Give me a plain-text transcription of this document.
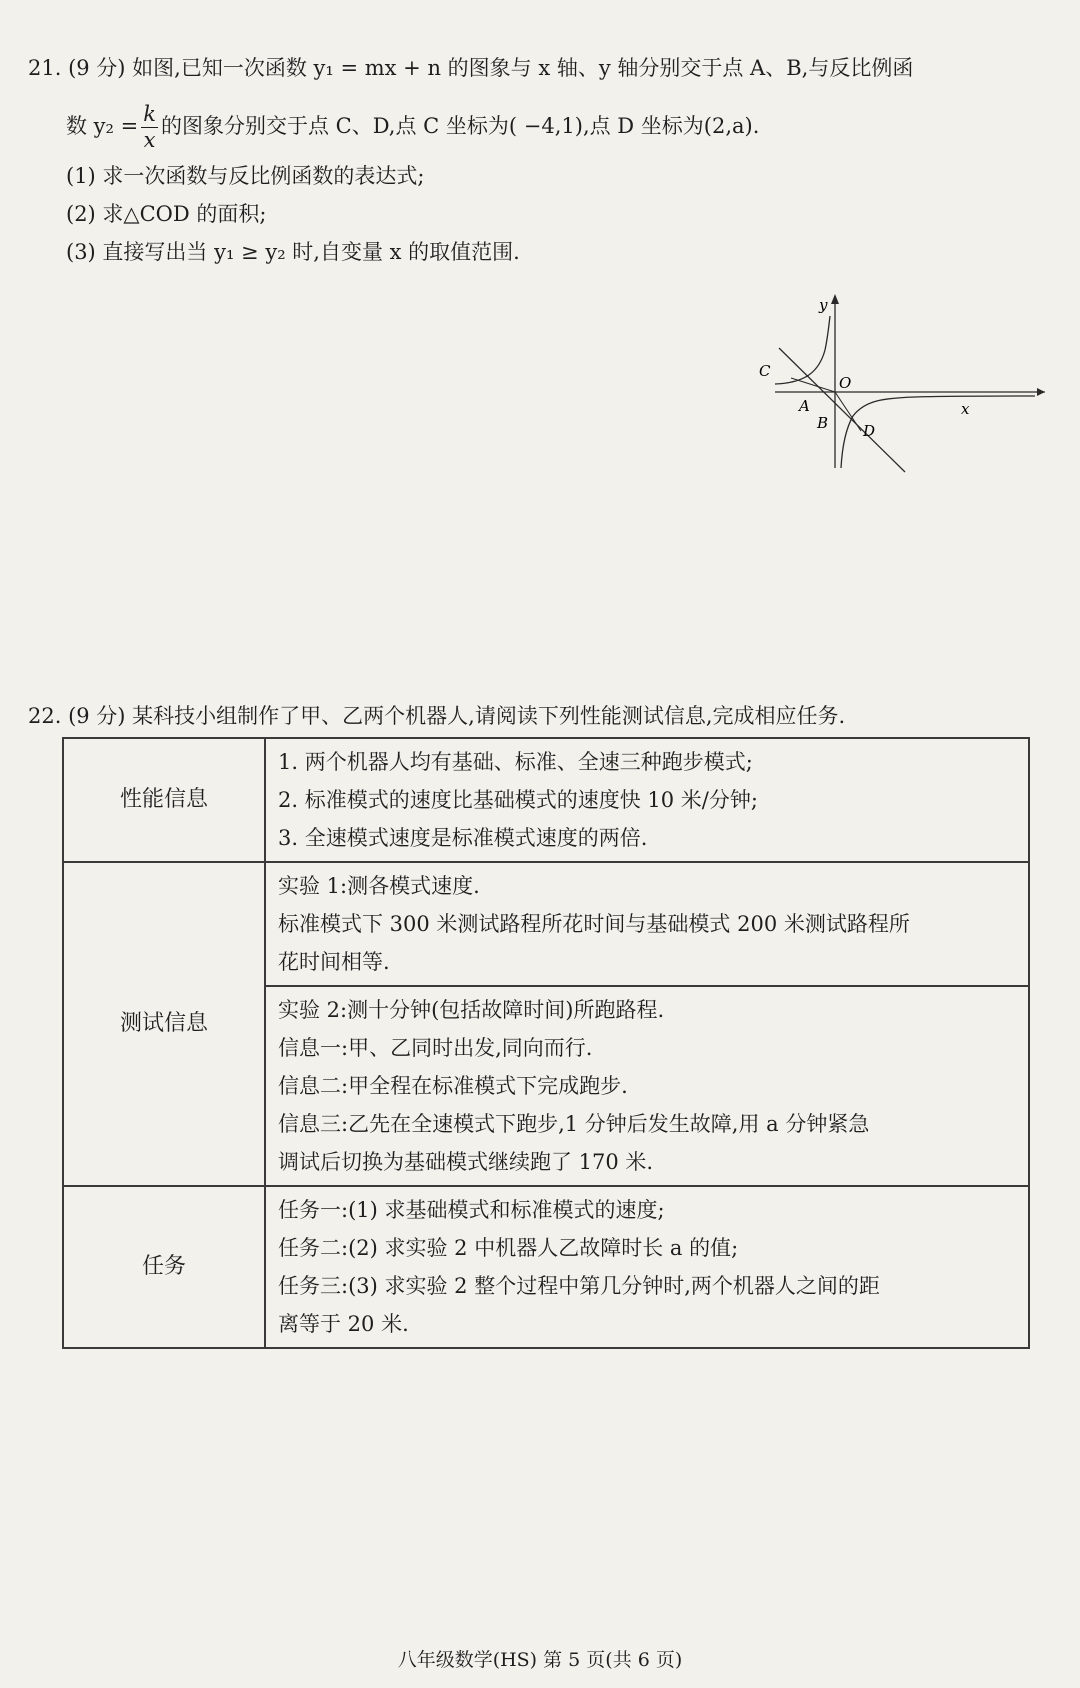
21. (9 分) 如图,已知一次函数 y₁ = mx + n 的图象与 x 轴、y 轴分别交于点 A、B,与反比例函
数 $y_2 = \frac{k}{x}$ 的图象分别交于点 C、D,点 C 坐标为( −4,1),点 D 坐标为(2,a).
(1) 求一次函数与反比例函数的表达式;
(2) 求△COD 的面积;
(3) 直接写出当 y₁ ≥ y₂ 时,自变量 x 的取值范围.
y
x
O
A
B
C
D
22. (9 分) 某科技小组制作了甲、乙两个机器人,请阅读下列性能测试信息,完成相应任务.
性能信息	1. 两个机器人均有基础、标准、全速三种跑步模式;
2. 标准模式的速度比基础模式的速度快 10 米/分钟;
3. 全速模式速度是标准模式速度的两倍.

测试信息	实验 1:测各模式速度.
标准模式下 300 米测试路程所花时间与基础模式 200 米测试路程所
花时间相等.

	实验 2:测十分钟(包括故障时间)所跑路程.
信息一:甲、乙同时出发,同向而行.
信息二:甲全程在标准模式下完成跑步.
信息三:乙先在全速模式下跑步,1 分钟后发生故障,用 a 分钟紧急
调试后切换为基础模式继续跑了 170 米.

任务	任务一:(1) 求基础模式和标准模式的速度;
任务二:(2) 求实验 2 中机器人乙故障时长 a 的值;
任务三:(3) 求实验 2 整个过程中第几分钟时,两个机器人之间的距
离等于 20 米.
八年级数学(HS) 第 5 页(共 6 页)
